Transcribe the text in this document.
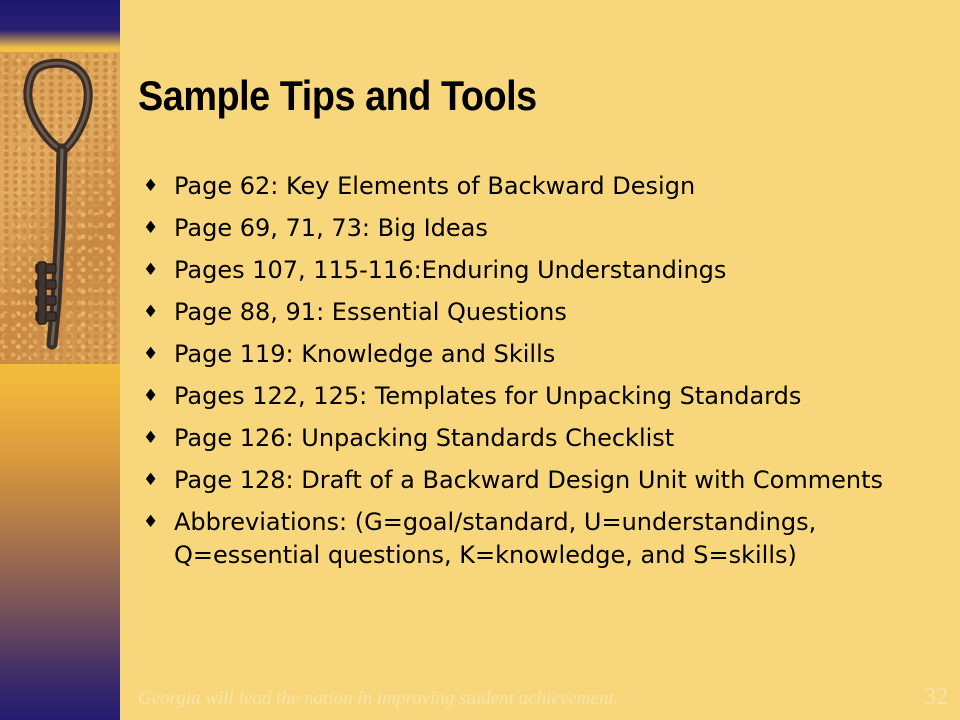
Sample Tips and Tools
♦ Page 62: Key Elements of Backward Design
♦ Page 69, 71, 73: Big Ideas
♦ Pages 107, 115-116:Enduring Understandings
♦ Page 88, 91: Essential Questions
♦ Page 119: Knowledge and Skills
♦ Pages 122, 125: Templates for Unpacking Standards
♦ Page 126: Unpacking Standards Checklist
♦ Page 128: Draft of a Backward Design Unit with Comments
♦ Abbreviations: (G=goal/standard, U=understandings, Q=essential questions, K=knowledge, and S=skills)
Georgia will lead the nation in improving student achievement.	32
